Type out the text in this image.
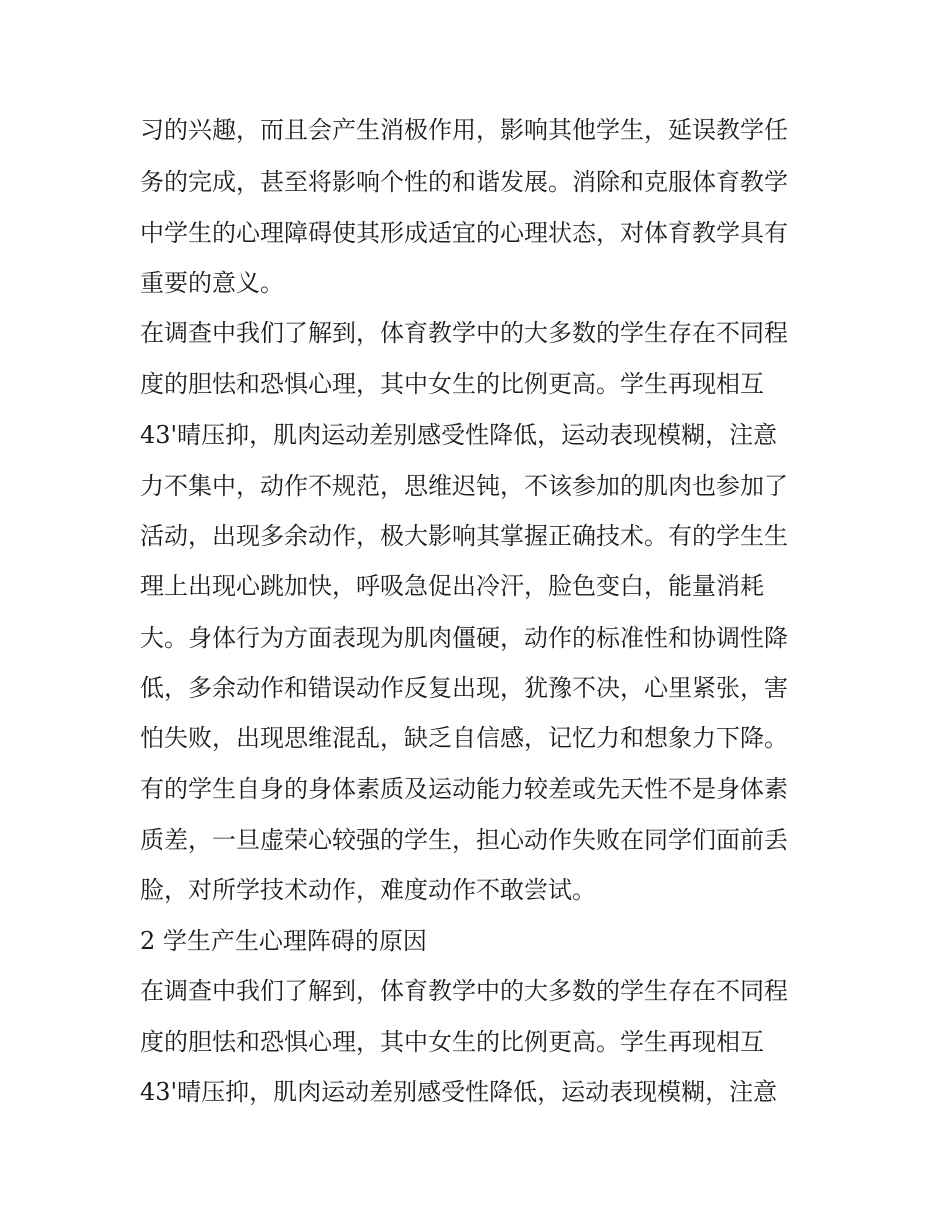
习的兴趣，而且会产生消极作用，影响其他学生，延误教学任
务的完成，甚至将影响个性的和谐发展。消除和克服体育教学
中学生的心理障碍使其形成适宜的心理状态，对体育教学具有
重要的意义。
在调查中我们了解到，体育教学中的大多数的学生存在不同程
度的胆怯和恐惧心理，其中女生的比例更高。学生再现相互
43'晴压抑，肌肉运动差别感受性降低，运动表现模糊，注意
力不集中，动作不规范，思维迟钝，不该参加的肌肉也参加了
活动，出现多余动作，极大影响其掌握正确技术。有的学生生
理上出现心跳加快，呼吸急促出冷汗，脸色变白，能量消耗
大。身体行为方面表现为肌肉僵硬，动作的标准性和协调性降
低，多余动作和错误动作反复出现，犹豫不决，心里紧张，害
怕失败，出现思维混乱，缺乏自信感，记忆力和想象力下降。
有的学生自身的身体素质及运动能力较差或先天性不是身体素
质差，一旦虚荣心较强的学生，担心动作失败在同学们面前丢
脸，对所学技术动作，难度动作不敢尝试。
2 学生产生心理阵碍的原因
在调查中我们了解到，体育教学中的大多数的学生存在不同程
度的胆怯和恐惧心理，其中女生的比例更高。学生再现相互
43'晴压抑，肌肉运动差别感受性降低，运动表现模糊，注意
